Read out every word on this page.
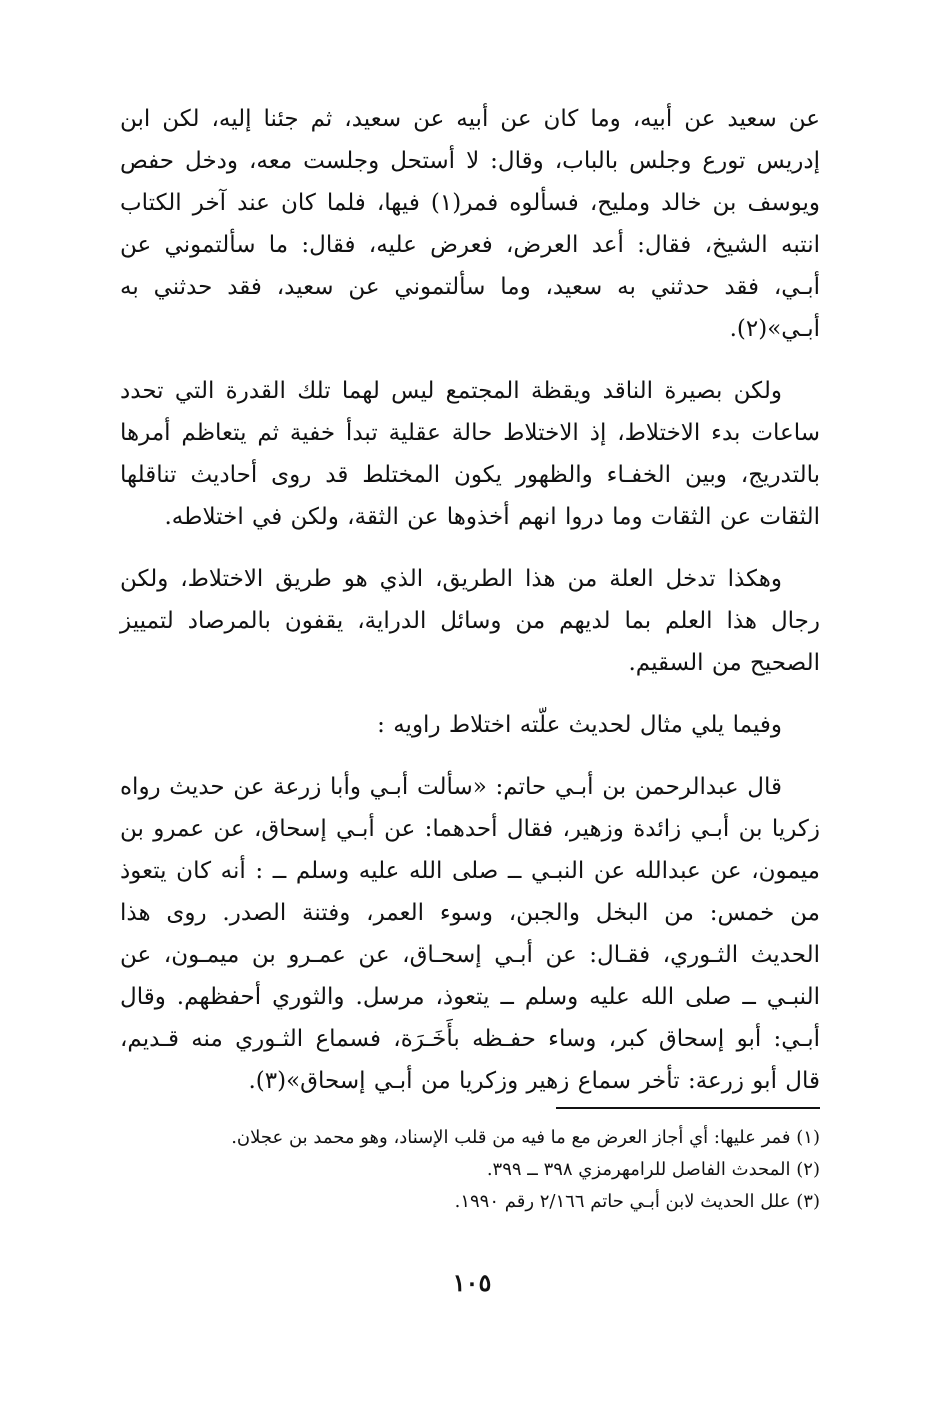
عن سعيد عن أبيه، وما كان عن أبيه عن سعيد، ثم جئنا إليه، لكن ابن إدريس تورع وجلس بالباب، وقال: لا أستحل وجلست معه، ودخل حفص ويوسف بن خالد ومليح، فسألوه فمر(١) فيها، فلما كان عند آخر الكتاب انتبه الشيخ، فقال: أعد العرض، فعرض عليه، فقال: ما سألتموني عن أبـي، فقد حدثني به سعيد، وما سألتموني عن سعيد، فقد حدثني به أبـي»(٢).

ولكن بصيرة الناقد ويقظة المجتمع ليس لهما تلك القدرة التي تحدد ساعات بدء الاختلاط، إذ الاختلاط حالة عقلية تبدأ خفية ثم يتعاظم أمرها بالتدريج، وبين الخفـاء والظهور يكون المختلط قد روى أحاديث تناقلها الثقات عن الثقات وما دروا انهم أخذوها عن الثقة، ولكن في اختلاطه.

وهكذا تدخل العلة من هذا الطريق، الذي هو طريق الاختلاط، ولكن رجال هذا العلم بما لديهم من وسائل الدراية، يقفون بالمرصاد لتمييز الصحيح من السقيم.

وفيما يلي مثال لحديث علّته اختلاط راويه :

قال عبدالرحمن بن أبـي حاتم: «سألت أبـي وأبا زرعة عن حديث رواه زكريا بن أبـي زائدة وزهير، فقال أحدهما: عن أبـي إسحاق، عن عمرو بن ميمون، عن عبدالله عن النبـي ــ صلى الله عليه وسلم ــ : أنه كان يتعوذ من خمس: من البخل والجبن، وسوء العمر، وفتنة الصدر. روى هذا الحديث الثـوري، فقـال: عن أبـي إسحـاق، عن عمـرو بن ميمـون، عن النبـي ــ صلى الله عليه وسلم ــ يتعوذ، مرسل. والثوري أحفظهم. وقال أبـي: أبو إسحاق كبر، وساء حفـظه بأَخَـرَة، فسماع الثـوري منه قـديم، قال أبو زرعة: تأخر سماع زهير وزكريا من أبـي إسحاق»(٣).

(١) فمر عليها: أي أجاز العرض مع ما فيه من قلب الإسناد، وهو محمد بن عجلان.

(٢) المحدث الفاصل للرامهرمزي ٣٩٨ ــ ٣٩٩.

(٣) علل الحديث لابن أبـي حاتم ٢/١٦٦ رقم ١٩٩٠.

١٠٥
